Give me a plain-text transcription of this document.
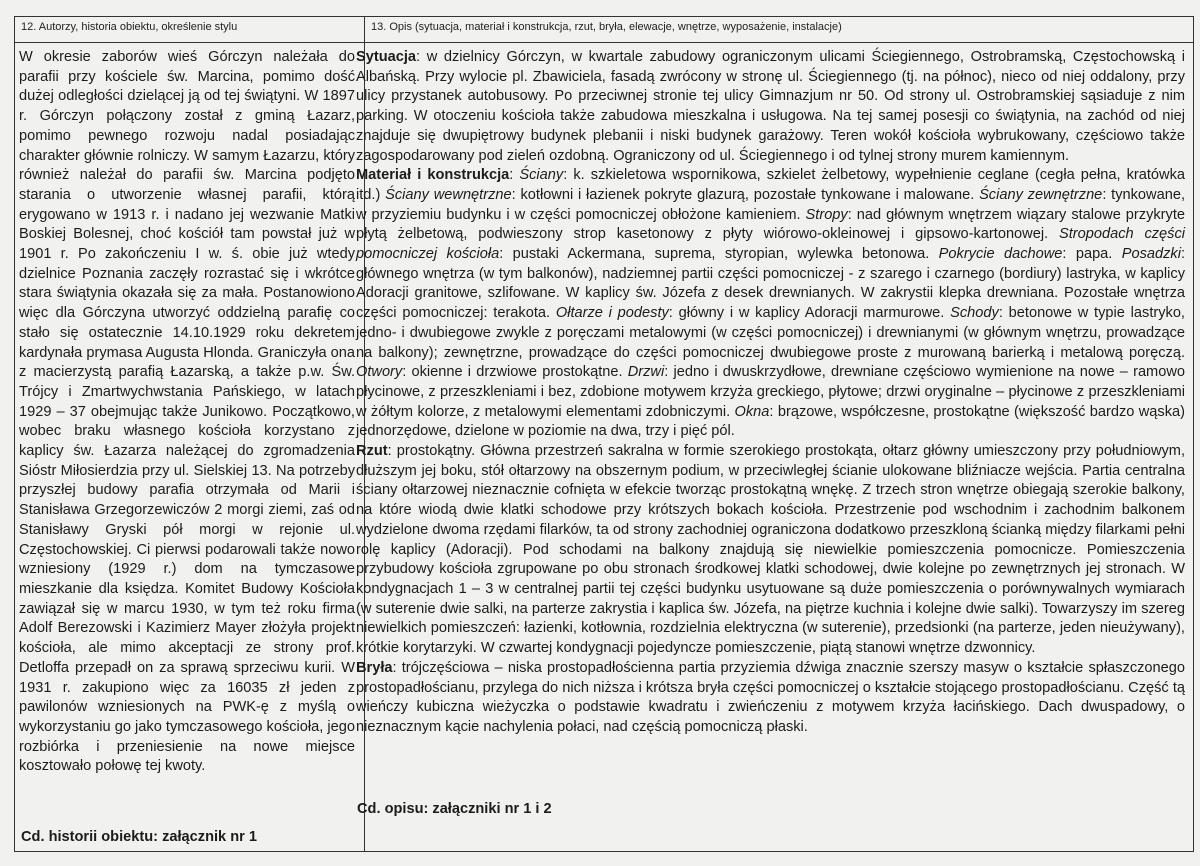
12. Autorzy, historia obiektu, określenie stylu	13. Opis (sytuacja, materiał i konstrukcja, rzut, bryła, elewacje, wnętrze, wyposażenie, instalacje)

W okresie zaborów wieś Górczyn należała do parafii przy kościele św. Marcina, pomimo dość dużej odległości dzielącej ją od tej świątyni. W 1897 r. Górczyn połączony został z gminą Łazarz, pomimo pewnego rozwoju nadal posiadając charakter głównie rolniczy. W samym Łazarzu, który również należał do parafii św. Marcina podjęto starania o utworzenie własnej parafii, którą erygowano w 1913 r. i nadano jej wezwanie Matki Boskiej Bolesnej, choć kościół tam powstał już w 1901 r. Po zakończeniu I w. ś. obie już wtedy dzielnice Poznania zaczęły rozrastać się i wkrótce stara świątynia okazała się za mała. Postanowiono więc dla Górczyna utworzyć oddzielną parafię co stało się ostatecznie 14.10.1929 roku dekretem kardynała prymasa Augusta Hlonda. Graniczyła ona z macierzystą parafią Łazarską, a także p.w. Św. Trójcy i Zmartwychwstania Pańskiego, w latach 1929 – 37 obejmując także Junikowo. Początkowo, wobec braku własnego kościoła korzystano z kaplicy św. Łazarza należącej do zgromadzenia Sióstr Miłosierdzia przy ul. Sielskiej 13. Na potrzeby przyszłej budowy parafia otrzymała od Marii i Stanisława Grzegorzewiczów 2 morgi ziemi, zaś od Stanisławy Gryski pół morgi w rejonie ul. Częstochowskiej. Ci pierwsi podarowali także nowo wzniesiony (1929 r.) dom na tymczasowe mieszkanie dla księdza. Komitet Budowy Kościoła zawiązał się w marcu 1930, w tym też roku firma Adolf Berezowski i Kazimierz Mayer złożyła projekt kościoła, ale mimo akceptacji ze strony prof. Detloffa przepadł on za sprawą sprzeciwu kurii. W 1931 r. zakupiono więc za 16035 zł jeden z pawilonów wzniesionych na PWK-ę z myślą o wykorzystaniu go jako tymczasowego kościoła, jego rozbiórka i przeniesienie na nowe miejsce kosztowało połowę tej kwoty.

Cd. historii obiektu: załącznik nr 1

Sytuacja: w dzielnicy Górczyn, w kwartale zabudowy ograniczonym ulicami Ściegiennego, Ostrobramską, Częstochowską i Albańską. Przy wylocie pl. Zbawiciela, fasadą zwrócony w stronę ul. Ściegiennego (tj. na północ), nieco od niej oddalony, przy ulicy przystanek autobusowy. Po przeciwnej stronie tej ulicy Gimnazjum nr 50. Od strony ul. Ostrobramskiej sąsiaduje z nim parking. W otoczeniu kościoła także zabudowa mieszkalna i usługowa. Na tej samej posesji co świątynia, na zachód od niej znajduje się dwupiętrowy budynek plebanii i niski budynek garażowy. Teren wokół kościoła wybrukowany, częściowo także zagospodarowany pod zieleń ozdobną. Ograniczony od ul. Ściegiennego i od tylnej strony murem kamiennym.

Materiał i konstrukcja: Ściany: k. szkieletowa wspornikowa, szkielet żelbetowy, wypełnienie ceglane (cegła pełna, kratówka itd.) Ściany wewnętrzne: kotłowni i łazienek pokryte glazurą, pozostałe tynkowane i malowane. Ściany zewnętrzne: tynkowane, w przyziemiu budynku i w części pomocniczej obłożone kamieniem. Stropy: nad głównym wnętrzem wiązary stalowe przykryte płytą żelbetową, podwieszony strop kasetonowy z płyty wiórowo-okleinowej i gipsowo-kartonowej. Stropodach części pomocniczej kościoła: pustaki Ackermana, suprema, styropian, wylewka betonowa. Pokrycie dachowe: papa. Posadzki: głównego wnętrza (w tym balkonów), nadziemnej partii części pomocniczej - z szarego i czarnego (bordiury) lastryka, w kaplicy Adoracji granitowe, szlifowane. W kaplicy św. Józefa z desek drewnianych. W zakrystii klepka drewniana. Pozostałe wnętrza części pomocniczej: terakota. Ołtarze i podesty: główny i w kaplicy Adoracji marmurowe. Schody: betonowe w typie lastryko, jedno- i dwubiegowe zwykle z poręczami metalowymi (w części pomocniczej) i drewnianymi (w głównym wnętrzu, prowadzące na balkony); zewnętrzne, prowadzące do części pomocniczej dwubiegowe proste z murowaną barierką i metalową poręczą. Otwory: okienne i drzwiowe prostokątne. Drzwi: jedno i dwuskrzydłowe, drewniane częściowo wymienione na nowe – ramowo płycinowe, z przeszkleniami i bez, zdobione motywem krzyża greckiego, płytowe; drzwi oryginalne – płycinowe z przeszkleniami w żółtym kolorze, z metalowymi elementami zdobniczymi. Okna: brązowe, współczesne, prostokątne (większość bardzo wąska) jednorzędowe, dzielone w poziomie na dwa, trzy i pięć pól.

Rzut: prostokątny. Główna przestrzeń sakralna w formie szerokiego prostokąta, ołtarz główny umieszczony przy południowym, dłuższym jej boku, stół ołtarzowy na obszernym podium, w przeciwległej ścianie ulokowane bliźniacze wejścia. Partia centralna ściany ołtarzowej nieznacznie cofnięta w efekcie tworząc prostokątną wnękę. Z trzech stron wnętrze obiegają szerokie balkony, na które wiodą dwie klatki schodowe przy krótszych bokach kościoła. Przestrzenie pod wschodnim i zachodnim balkonem wydzielone dwoma rzędami filarków, ta od strony zachodniej ograniczona dodatkowo przeszkloną ścianką między filarkami pełni rolę kaplicy (Adoracji). Pod schodami na balkony znajdują się niewielkie pomieszczenia pomocnicze. Pomieszczenia przybudowy kościoła zgrupowane po obu stronach środkowej klatki schodowej, dwie kolejne po zewnętrznych jej stronach. W kondygnacjach 1 – 3 w centralnej partii tej części budynku usytuowane są duże pomieszczenia o porównywalnych wymiarach (w suterenie dwie salki, na parterze zakrystia i kaplica św. Józefa, na piętrze kuchnia i kolejne dwie salki). Towarzyszy im szereg niewielkich pomieszczeń: łazienki, kotłownia, rozdzielnia elektryczna (w suterenie), przedsionki (na parterze, jeden nieużywany), krótkie korytarzyki. W czwartej kondygnacji pojedyncze pomieszczenie, piątą stanowi wnętrze dzwonnicy.

Bryła: trójczęściowa – niska prostopadłościenna partia przyziemia dźwiga znacznie szerszy masyw o kształcie spłaszczonego prostopadłościanu, przylega do nich niższa i krótsza bryła części pomocniczej o kształcie stojącego prostopadłościanu. Część tą wieńczy kubiczna wieżyczka o podstawie kwadratu i zwieńczeniu z motywem krzyża łacińskiego. Dach dwuspadowy, o nieznacznym kącie nachylenia połaci, nad częścią pomocniczą płaski.

Cd. opisu: załączniki nr 1 i 2
